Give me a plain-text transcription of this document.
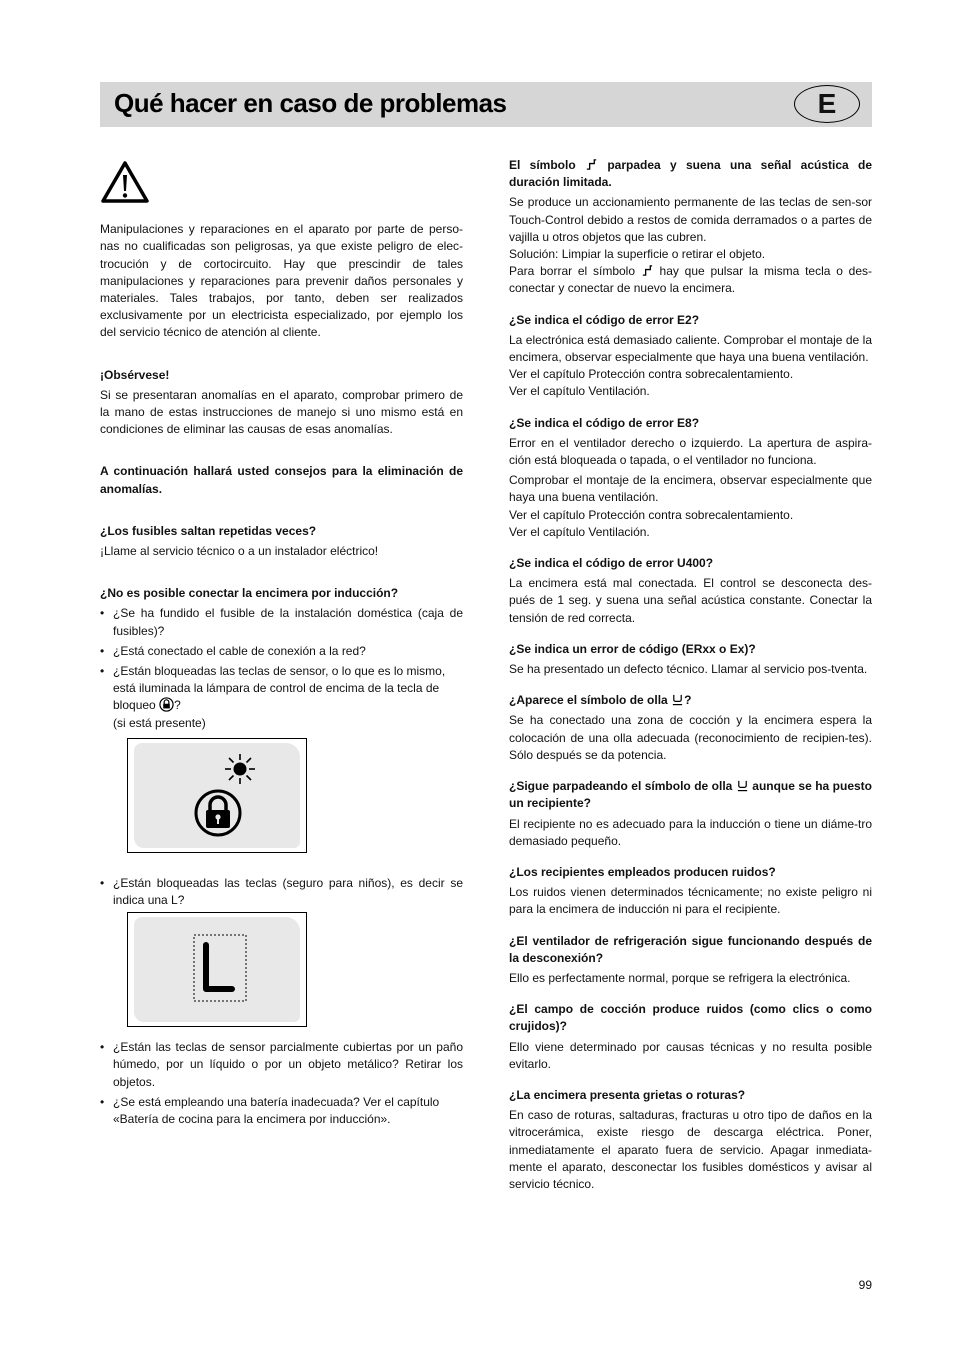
Qué hacer en caso de problemas	E

Manipulaciones y reparaciones en el aparato por parte de perso-nas no cualificadas son peligrosas, ya que existe peligro de elec-trocución y de cortocircuito. Hay que prescindir de tales manipulaciones y reparaciones para prevenir daños personales y materiales. Tales trabajos, por tanto, deben ser realizados exclusivamente por un electricista especializado, por ejemplo los del servicio técnico de atención al cliente.

¡Obsérvese!

Si se presentaran anomalías en el aparato, comprobar primero de la mano de estas instrucciones de manejo si uno mismo está en condiciones de eliminar las causas de esas anomalías.

A continuación hallará usted consejos para la eliminación de anomalías.

¿Los fusibles saltan repetidas veces?

¡Llame al servicio técnico o a un instalador eléctrico!

¿No es posible conectar la encimera por inducción?

• ¿Se ha fundido el fusible de la instalación doméstica (caja de fusibles)?
• ¿Está conectado el cable de conexión a la red?
• ¿Están bloqueadas las teclas de sensor, o lo que es lo mismo, está iluminada la lámpara de control de encima de la tecla de bloqueo ?
(si está presente)
• ¿Están bloqueadas las teclas (seguro para niños), es decir se indica una L?
• ¿Están las teclas de sensor parcialmente cubiertas por un paño húmedo, por un líquido o por un objeto metálico? Retirar los objetos.
• ¿Se está empleando una batería inadecuada? Ver el capítulo «Batería de cocina para la encimera por inducción».

El símbolo	parpadea y suena una señal acústica de duración limitada.

Se produce un accionamiento permanente de las teclas de sen-sor Touch-Control debido a restos de comida derramados o a partes de vajilla u otros objetos que las cubren.

Solución: Limpiar la superficie o retirar el objeto.

Para borrar el símbolo hay que pulsar la misma tecla o des-conectar y conectar de nuevo la encimera.

¿Se indica el código de error E2?

La electrónica está demasiado caliente. Comprobar el montaje de la encimera, observar especialmente que haya una buena ventilación.

Ver el capítulo Protección contra sobrecalentamiento.

Ver el capítulo Ventilación.

¿Se indica el código de error E8?

Error en el ventilador derecho o izquierdo. La apertura de aspira-ción está bloqueada o tapada, o el ventilador no funciona.

Comprobar el montaje de la encimera, observar especialmente que haya una buena ventilación.

Ver el capítulo Protección contra sobrecalentamiento.

Ver el capítulo Ventilación.

¿Se indica el código de error U400?

La encimera está mal conectada. El control se desconecta des-pués de 1 seg. y suena una señal acústica constante. Conectar la tensión de red correcta.

¿Se indica un error de código (ERxx o Ex)?

Se ha presentado un defecto técnico. Llamar al servicio pos-tventa.

¿Aparece el símbolo de olla ?

Se ha conectado una zona de cocción y la encimera espera la colocación de una olla adecuada (reconocimiento de recipien-tes). Sólo después se da potencia.

¿Sigue parpadeando el símbolo de olla aunque se ha puesto un recipiente?

El recipiente no es adecuado para la inducción o tiene un diáme-tro demasiado pequeño.

¿Los recipientes empleados producen ruidos?

Los ruidos vienen determinados técnicamente; no existe peligro ni para la encimera de inducción ni para el recipiente.

¿El ventilador de refrigeración sigue funcionando después de la desconexión?

Ello es perfectamente normal, porque se refrigera la electrónica.

¿El campo de cocción produce ruidos (como clics o como crujidos)?

Ello viene determinado por causas técnicas y no resulta posible evitarlo.

¿La encimera presenta grietas o roturas?

En caso de roturas, saltaduras, fracturas u otro tipo de daños en la vitrocerámica, existe riesgo de descarga eléctrica. Poner, inmediatamente el aparato fuera de servicio. Apagar inmediata-mente el aparato, desconectar los fusibles domésticos y avisar al servicio técnico.

99
